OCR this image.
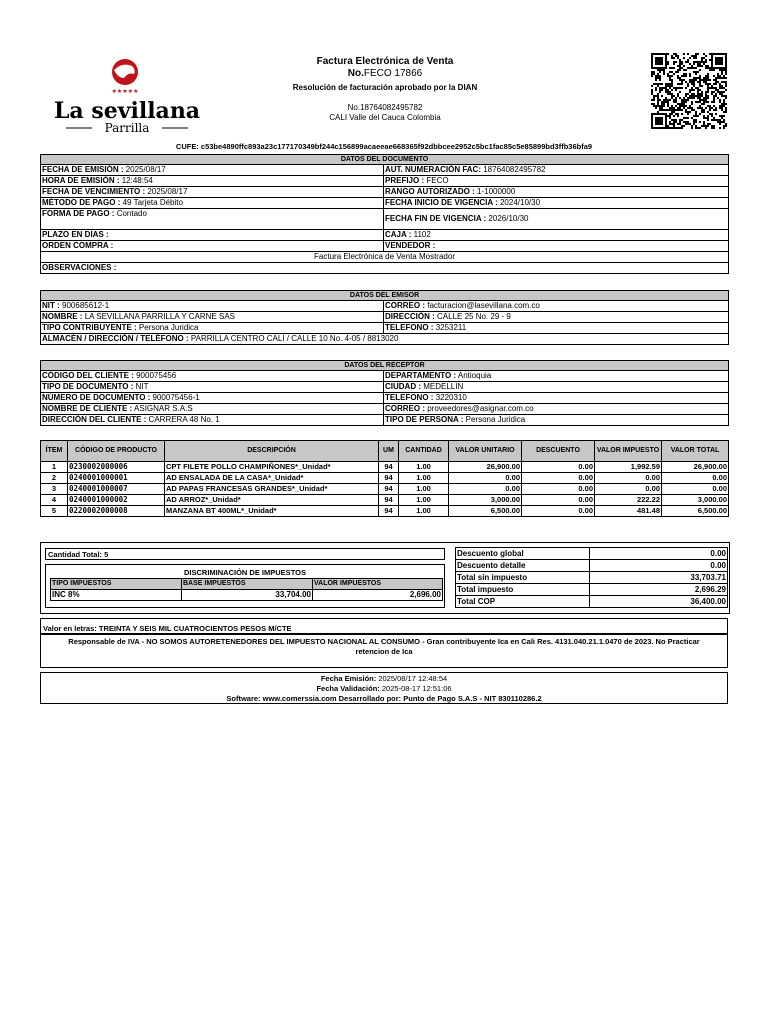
★★★★★
La sevillana
Parrilla
Factura Electrónica de Venta
No.FECO 17866
Resolución de facturación aprobado por la DIAN
No.18764082495782
CALI Valle del Cauca Colombia
CUFE: c53be4890ffc893a23c177170349bf244c156899acaeeae668365f92dbbcee2952c5bc1fac85c5e85899bd3ffb36bfa9
DATOS DEL DOCUMENTO	
FECHA DE EMISIÓN : 2025/08/17	AUT. NUMERACIÓN FAC: 18764082495782
HORA DE EMISIÓN : 12:48:54	PREFIJO : FECO
FECHA DE VENCIMIENTO : 2025/08/17	RANGO AUTORIZADO : 1-1000000
MÉTODO DE PAGO : 49 Tarjeta Débito	FECHA INICIO DE VIGENCIA : 2024/10/30
FORMA DE PAGO : Contado	FECHA FIN DE VIGENCIA : 2026/10/30
PLAZO EN DIAS :	CAJA : 1102
ORDEN COMPRA :	VENDEDOR :
Factura Electrónica de Venta Mostrador	
OBSERVACIONES :	
DATOS DEL EMISOR	
NIT : 900685612-1	CORREO : facturacion@lasevillana.com.co
NOMBRE : LA SEVILLANA PARRILLA Y CARNE SAS	DIRECCIÓN : CALLE 25 No. 29 - 9
TIPO CONTRIBUYENTE : Persona Juridica	TELEFONO : 3253211
ALMACÉN / DIRECCIÓN / TELÉFONO : PARRILLA CENTRO CALI / CALLE 10 No. 4-05 / 8813020	
DATOS DEL RECEPTOR	
CÓDIGO DEL CLIENTE : 900075456	DEPARTAMENTO : Antioquia
TIPO DE DOCUMENTO : NIT	CIUDAD : MEDELLIN
NÚMERO DE DOCUMENTO : 900075456-1	TELEFONO : 3220310
NOMBRE DE CLIENTE : ASIGNAR S.A.S	CORREO : proveedores@asignar.com.co
DIRECCIÓN DEL CLIENTE : CARRERA 48 No. 1	TIPO DE PERSONA : Persona Juridica
ÍTEM	CÓDIGO DE PRODUCTO	DESCRIPCIÓN	UM	CANTIDAD	VALOR UNITARIO	DESCUENTO	VALOR IMPUESTO	VALOR TOTAL
1	0230002000006	CPT FILETE POLLO CHAMPIÑONES*_Unidad*	94	1.00	26,900.00	0.00	1,992.59	26,900.00
2	0240001000001	AD ENSALADA DE LA CASA*_Unidad*	94	1.00	0.00	0.00	0.00	0.00
3	0240001000007	AD PAPAS FRANCESAS GRANDES*_Unidad*	94	1.00	0.00	0.00	0.00	0.00
4	0240001000002	AD ARROZ*_Unidad*	94	1.00	3,000.00	0.00	222.22	3,000.00
5	0220002000008	MANZANA BT 400ML*_Unidad*	94	1.00	6,500.00	0.00	481.48	6,500.00
Cantidad Total: 5
DISCRIMINACIÓN DE IMPUESTOS
TIPO IMPUESTOS	BASE IMPUESTOS	VALOR IMPUESTOS
INC 8%	33,704.00	2,696.00
Descuento global	0.00
Descuento detalle	0.00
Total sin impuesto	33,703.71
Total impuesto	2,696.29
Total COP	36,400.00
Valor en letras: TREINTA Y SEIS MIL CUATROCIENTOS PESOS M/CTE
Responsable de IVA - NO SOMOS AUTORETENEDORES DEL IMPUESTO NACIONAL AL CONSUMO - Gran contribuyente Ica en Cali Res. 4131.040.21.1.0470 de 2023. No Practicar retencion de Ica
Fecha Emisión: 2025/08/17 12:48:54
Fecha Validación: 2025-08-17 12:51:06
Software: www.comerssia.com Desarrollado por: Punto de Pago S.A.S - NIT 830110286.2
